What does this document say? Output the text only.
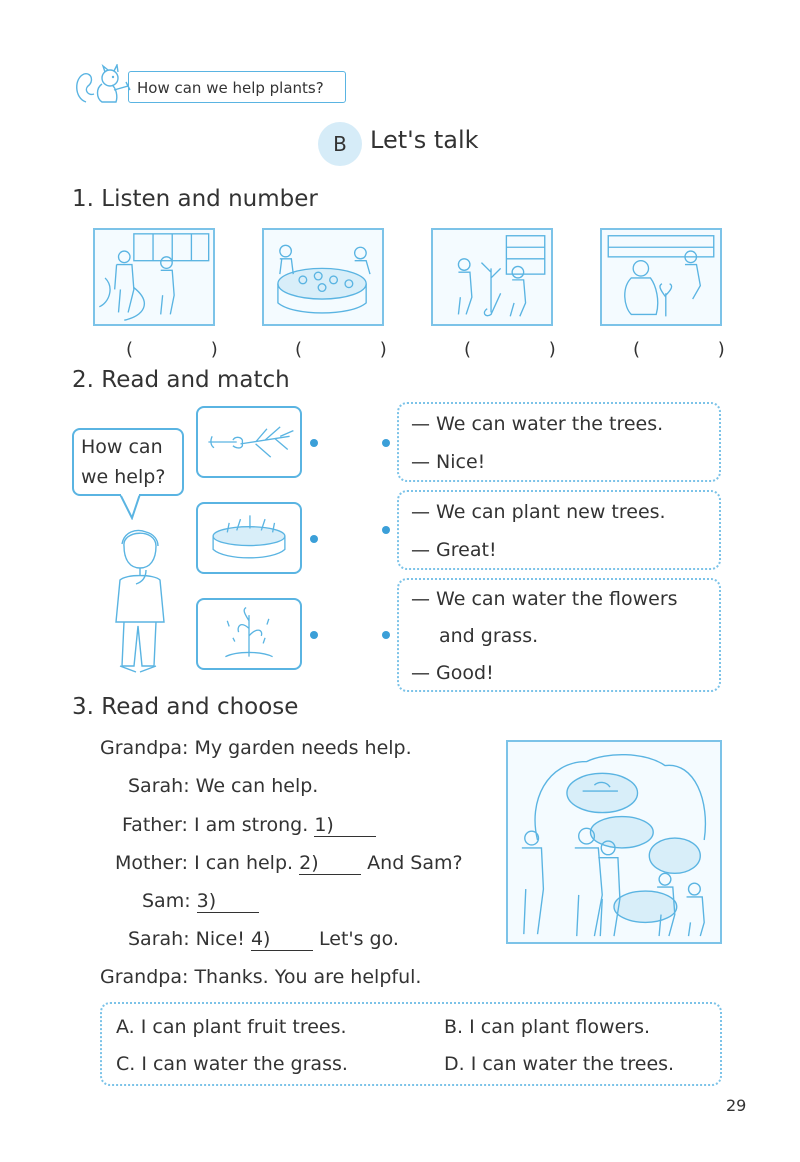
How can we help plants?
B Let's talk
1. Listen and number
( ) ( ) ( ) ( )
2. Read and match
How can
we help?
— We can water the trees.
— Nice!
— We can plant new trees.
— Great!
— We can water the flowers
and grass.
— Good!
3. Read and choose
Grandpa: My garden needs help.
Sarah: We can help.
Father: I am strong. 1)
Mother: I can help. 2)	And Sam?
Sam: 3)
Sarah: Nice! 4)	Let's go.
Grandpa: Thanks. You are helpful.
A. I can plant fruit trees.	B. I can plant flowers.
C. I can water the grass.	D. I can water the trees.
29
